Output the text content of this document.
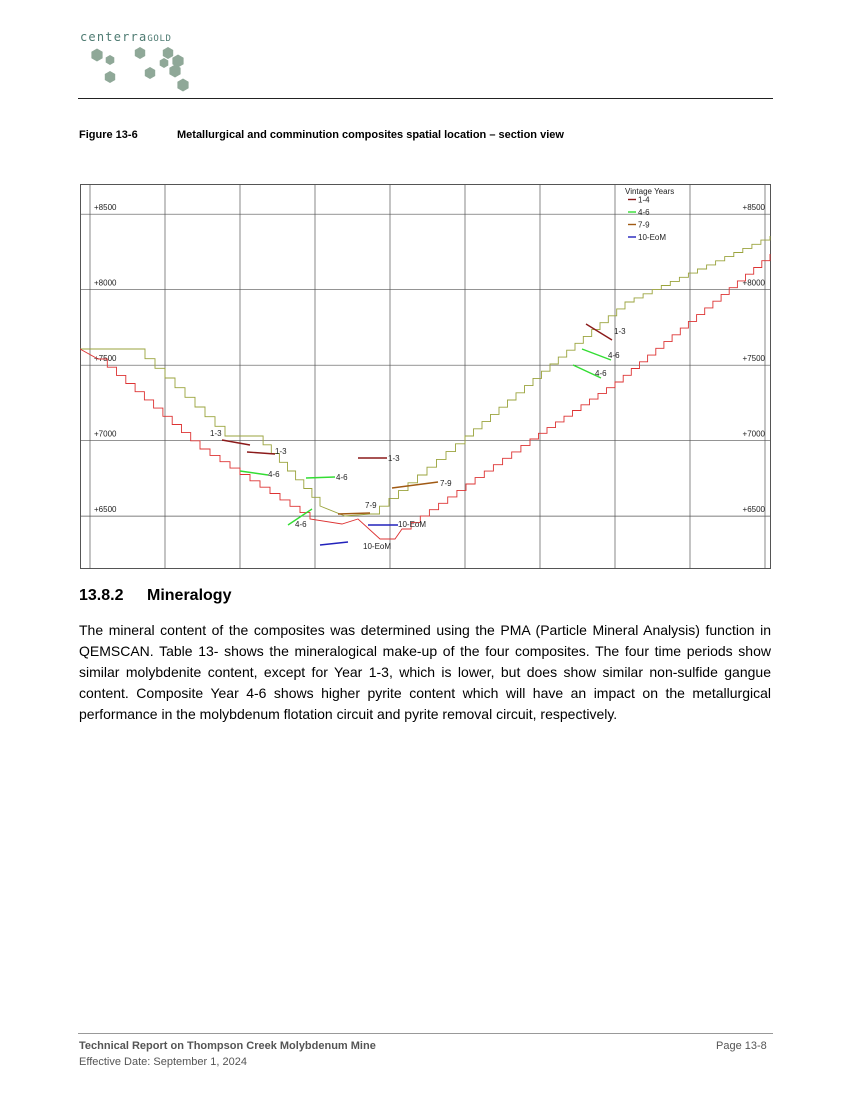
centerraGOLD
Figure 13-6	Metallurgical and comminution composites spatial location – section view
+6500
+7000
+7500
+8000
+8500
+6500
+7000
+7500
+8000
+8500
1-3
1-3
1-3
1-3
4-6	4-6
4-6
4-6
4-6
7-9
7-9
10-EoM
10-EoM
Vintage Years
1-4
4-6
7-9
10-EoM
13.8.2 Mineralogy
The mineral content of the composites was determined using the PMA (Particle Mineral Analysis) function in QEMSCAN. Table 13- shows the mineralogical make-up of the four composites. The four time periods show similar molybdenite content, except for Year 1-3, which is lower, but does show similar non-sulfide gangue content. Composite Year 4-6 shows higher pyrite content which will have an impact on the metallurgical performance in the molybdenum flotation circuit and pyrite removal circuit, respectively.
Technical Report on Thompson Creek Molybdenum Mine
Effective Date: September 1, 2024
Page 13-8
